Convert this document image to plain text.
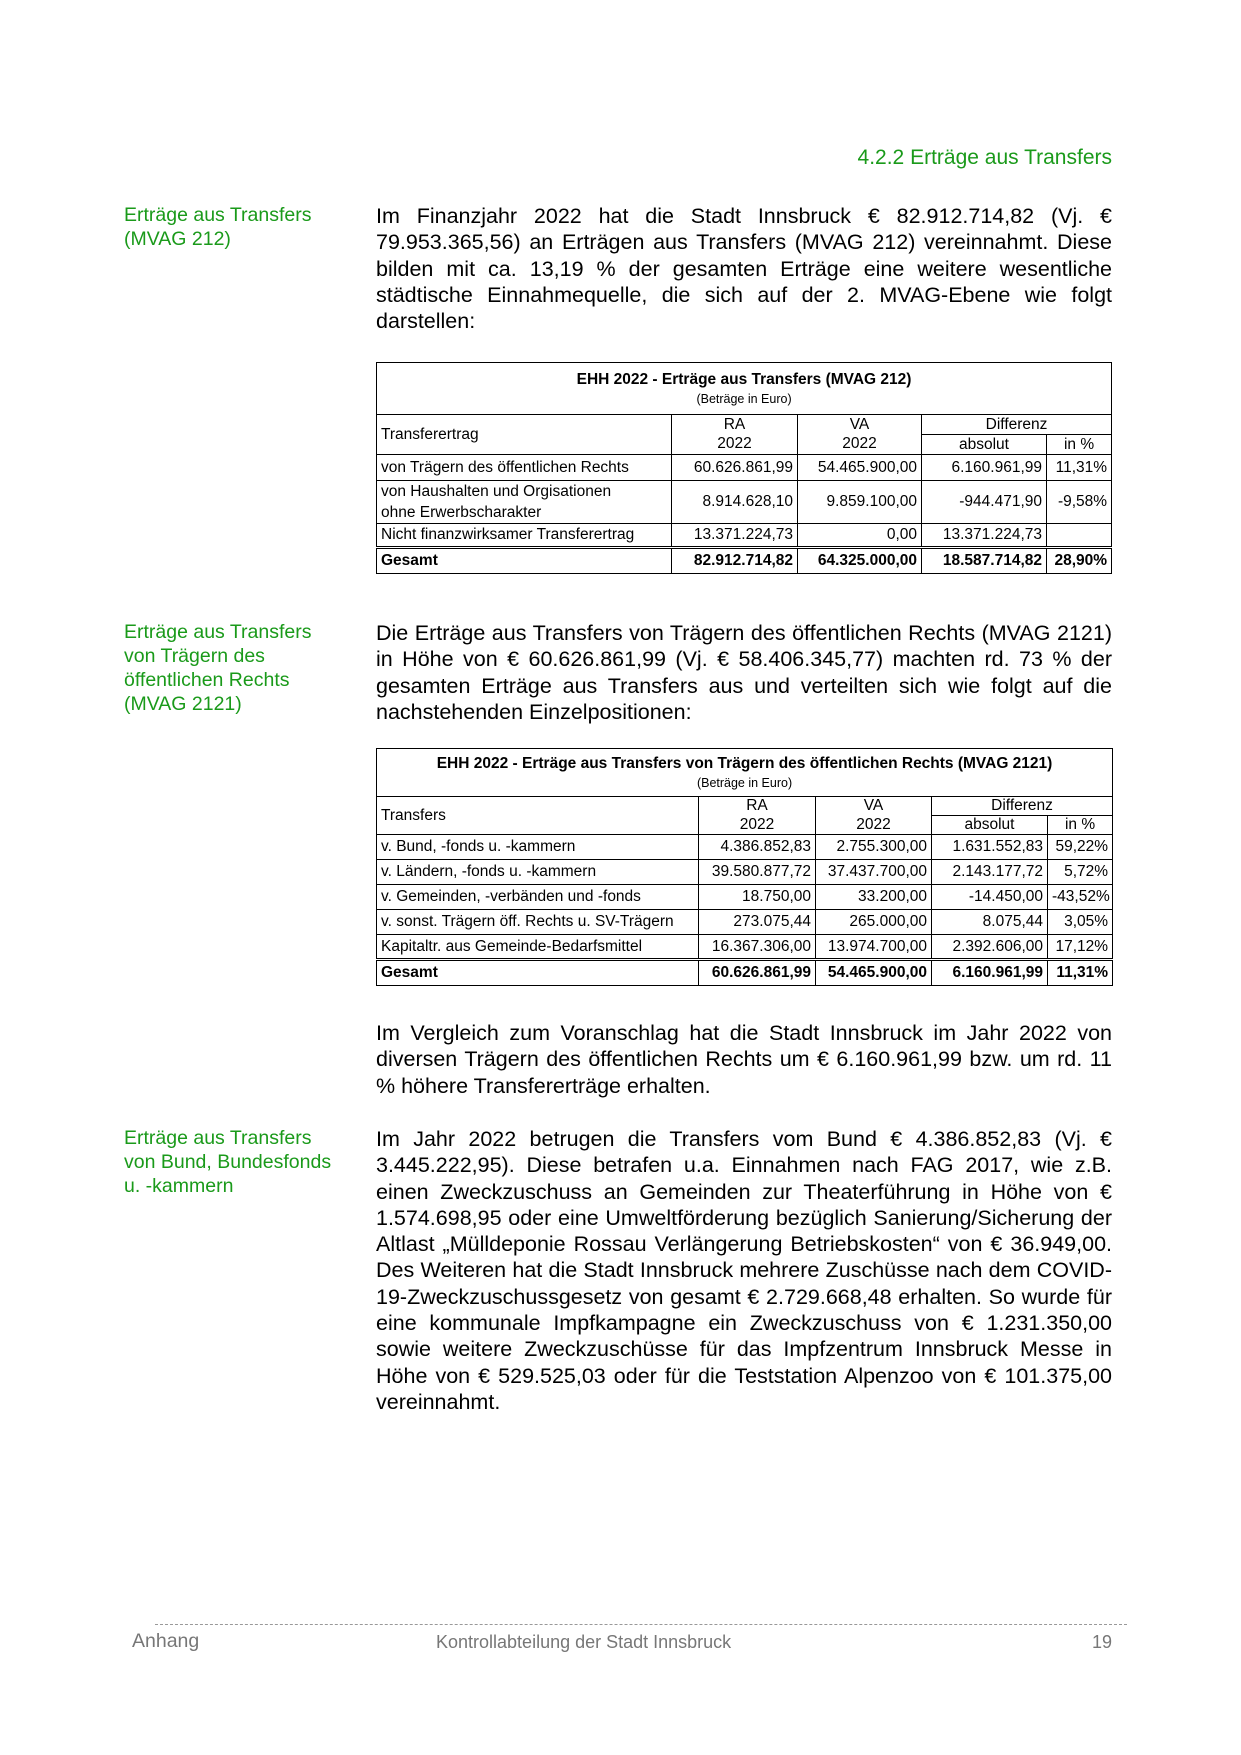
4.2.2 Erträge aus Transfers
Erträge aus Transfers
(MVAG 212)
Im Finanzjahr 2022 hat die Stadt Innsbruck € 82.912.714,82 (Vj. € 79.953.365,56) an Erträgen aus Transfers (MVAG 212) vereinnahmt. Diese bilden mit ca. 13,19 % der gesamten Erträge eine weitere wesentliche städtische Einnahmequelle, die sich auf der 2. MVAG-Ebene wie folgt darstellen:
EHH 2022 - Erträge aus Transfers (MVAG 212)
(Beträge in Euro)				
Transferertrag	RA	VA	Differenz	
	2022	2022	absolut	in %
von Trägern des öffentlichen Rechts	60.626.861,99	54.465.900,00	6.160.961,99	11,31%

von Haushalten und Orgisationen
ohne Erwerbscharakter	8.914.628,10	9.859.100,00	-944.471,90	-9,58%
Nicht finanzwirksamer Transferertrag	13.371.224,73	0,00	13.371.224,73	
Gesamt	82.912.714,82	64.325.000,00	18.587.714,82	28,90%
Erträge aus Transfers
von Trägern des
öffentlichen Rechts
(MVAG 2121)
Die Erträge aus Transfers von Trägern des öffentlichen Rechts (MVAG 2121) in Höhe von € 60.626.861,99 (Vj. € 58.406.345,77) machten rd. 73 % der gesamten Erträge aus Transfers aus und verteilten sich wie folgt auf die nachstehenden Einzelpositionen:
EHH 2022 - Erträge aus Transfers von Trägern des öffentlichen Rechts (MVAG 2121)
(Beträge in Euro)				
Transfers	RA	VA	Differenz	
	2022	2022	absolut	in %
v. Bund, -fonds u. -kammern	4.386.852,83	2.755.300,00	1.631.552,83	59,22%
v. Ländern, -fonds u. -kammern	39.580.877,72	37.437.700,00	2.143.177,72	5,72%
v. Gemeinden, -verbänden und -fonds	18.750,00	33.200,00	-14.450,00	-43,52%
v. sonst. Trägern öff. Rechts u. SV-Trägern	273.075,44	265.000,00	8.075,44	3,05%
Kapitaltr. aus Gemeinde-Bedarfsmittel	16.367.306,00	13.974.700,00	2.392.606,00	17,12%
Gesamt	60.626.861,99	54.465.900,00	6.160.961,99	11,31%
Im Vergleich zum Voranschlag hat die Stadt Innsbruck im Jahr 2022 von diversen Trägern des öffentlichen Rechts um € 6.160.961,99 bzw. um rd. 11 % höhere Transfererträge erhalten.
Erträge aus Transfers
von Bund, Bundesfonds
u. -kammern
Im Jahr 2022 betrugen die Transfers vom Bund € 4.386.852,83 (Vj. € 3.445.222,95). Diese betrafen u.a. Einnahmen nach FAG 2017, wie z.B. einen Zweckzuschuss an Gemeinden zur Theaterführung in Höhe von € 1.574.698,95 oder eine Umweltförderung bezüglich Sanierung/Sicherung der Altlast „Mülldeponie Rossau Verlängerung Betriebskosten“ von € 36.949,00. Des Weiteren hat die Stadt Innsbruck mehrere Zuschüsse nach dem COVID-19-Zweckzuschussgesetz von gesamt € 2.729.668,48 erhalten. So wurde für eine kommunale Impfkampagne ein Zweckzuschuss von € 1.231.350,00 sowie weitere Zweckzuschüsse für das Impfzentrum Innsbruck Messe in Höhe von € 529.525,03 oder für die Teststation Alpenzoo von € 101.375,00 vereinnahmt.
Anhang	Kontrollabteilung der Stadt Innsbruck	19
